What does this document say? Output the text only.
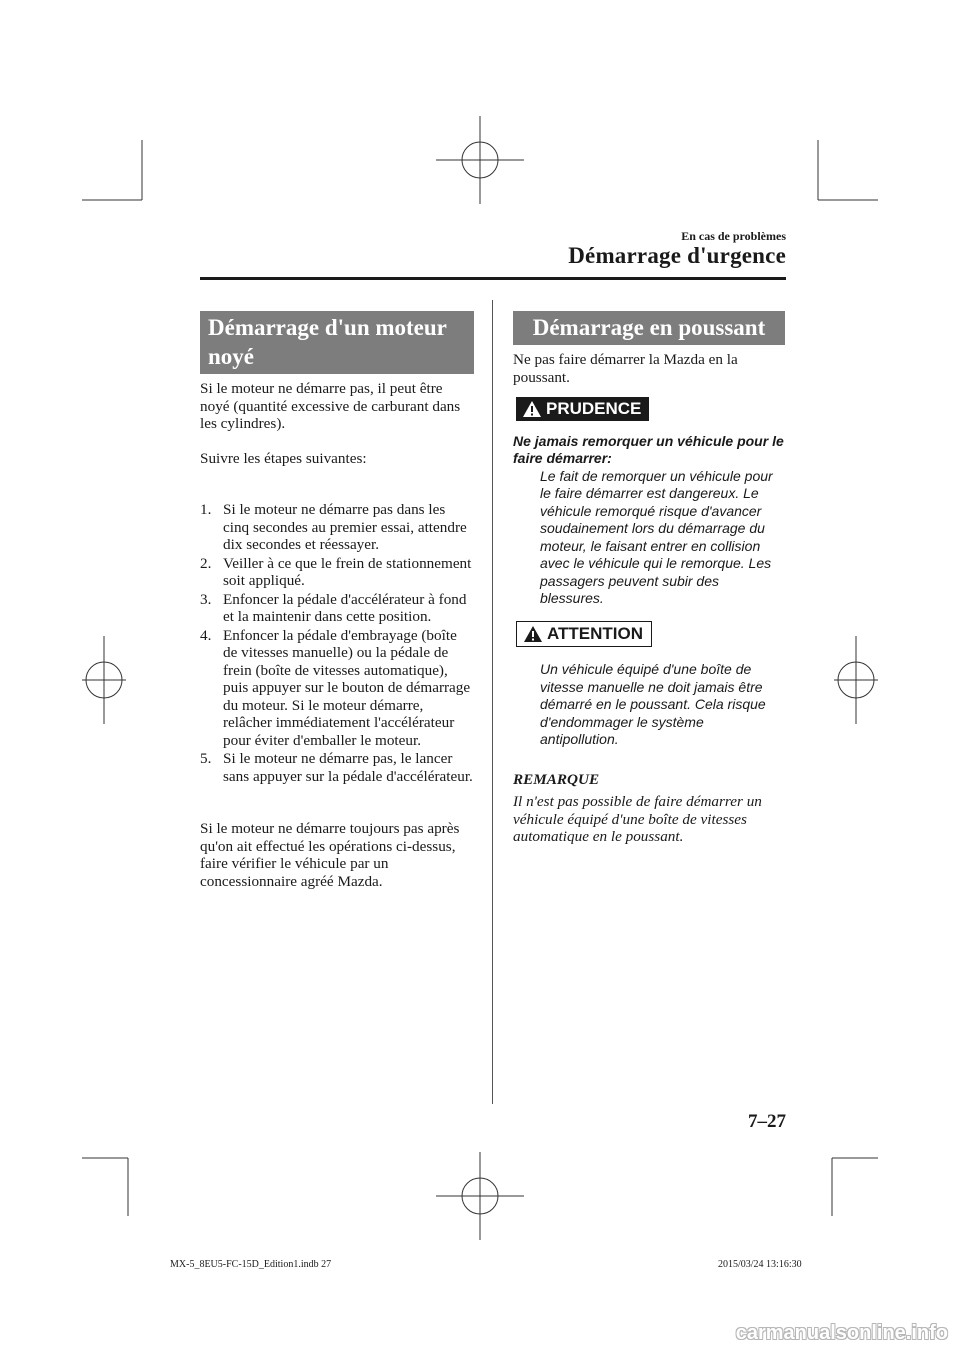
En cas de problèmes
Démarrage d'urgence
Démarrage d'un moteur noyé

Si le moteur ne démarre pas, il peut être noyé (quantité excessive de carburant dans les cylindres).

Suivre les étapes suivantes:

1. Si le moteur ne démarre pas dans les cinq secondes au premier essai, attendre dix secondes et réessayer.
2. Veiller à ce que le frein de stationnement soit appliqué.
3. Enfoncer la pédale d'accélérateur à fond et la maintenir dans cette position.
4. Enfoncer la pédale d'embrayage (boîte de vitesses manuelle) ou la pédale de frein (boîte de vitesses automatique), puis appuyer sur le bouton de démarrage du moteur. Si le moteur démarre, relâcher immédiatement l'accélérateur pour éviter d'emballer le moteur.
5. Si le moteur ne démarre pas, le lancer sans appuyer sur la pédale d'accélérateur.

Si le moteur ne démarre toujours pas après qu'on ait effectué les opérations ci-dessus, faire vérifier le véhicule par un concessionnaire agréé Mazda.

Démarrage en poussant

Ne pas faire démarrer la Mazda en la poussant.

PRUDENCE

Ne jamais remorquer un véhicule pour le faire démarrer:

Le fait de remorquer un véhicule pour le faire démarrer est dangereux. Le véhicule remorqué risque d'avancer soudainement lors du démarrage du moteur, le faisant entrer en collision avec le véhicule qui le remorque. Les passagers peuvent subir des blessures.

ATTENTION

Un véhicule équipé d'une boîte de vitesse manuelle ne doit jamais être démarré en le poussant. Cela risque d'endommager le système antipollution.

REMARQUE

Il n'est pas possible de faire démarrer un véhicule équipé d'une boîte de vitesses automatique en le poussant.

7–27
MX-5_8EU5-FC-15D_Edition1.indb 27	2015/03/24 13:16:30
carmanualsonline.info
